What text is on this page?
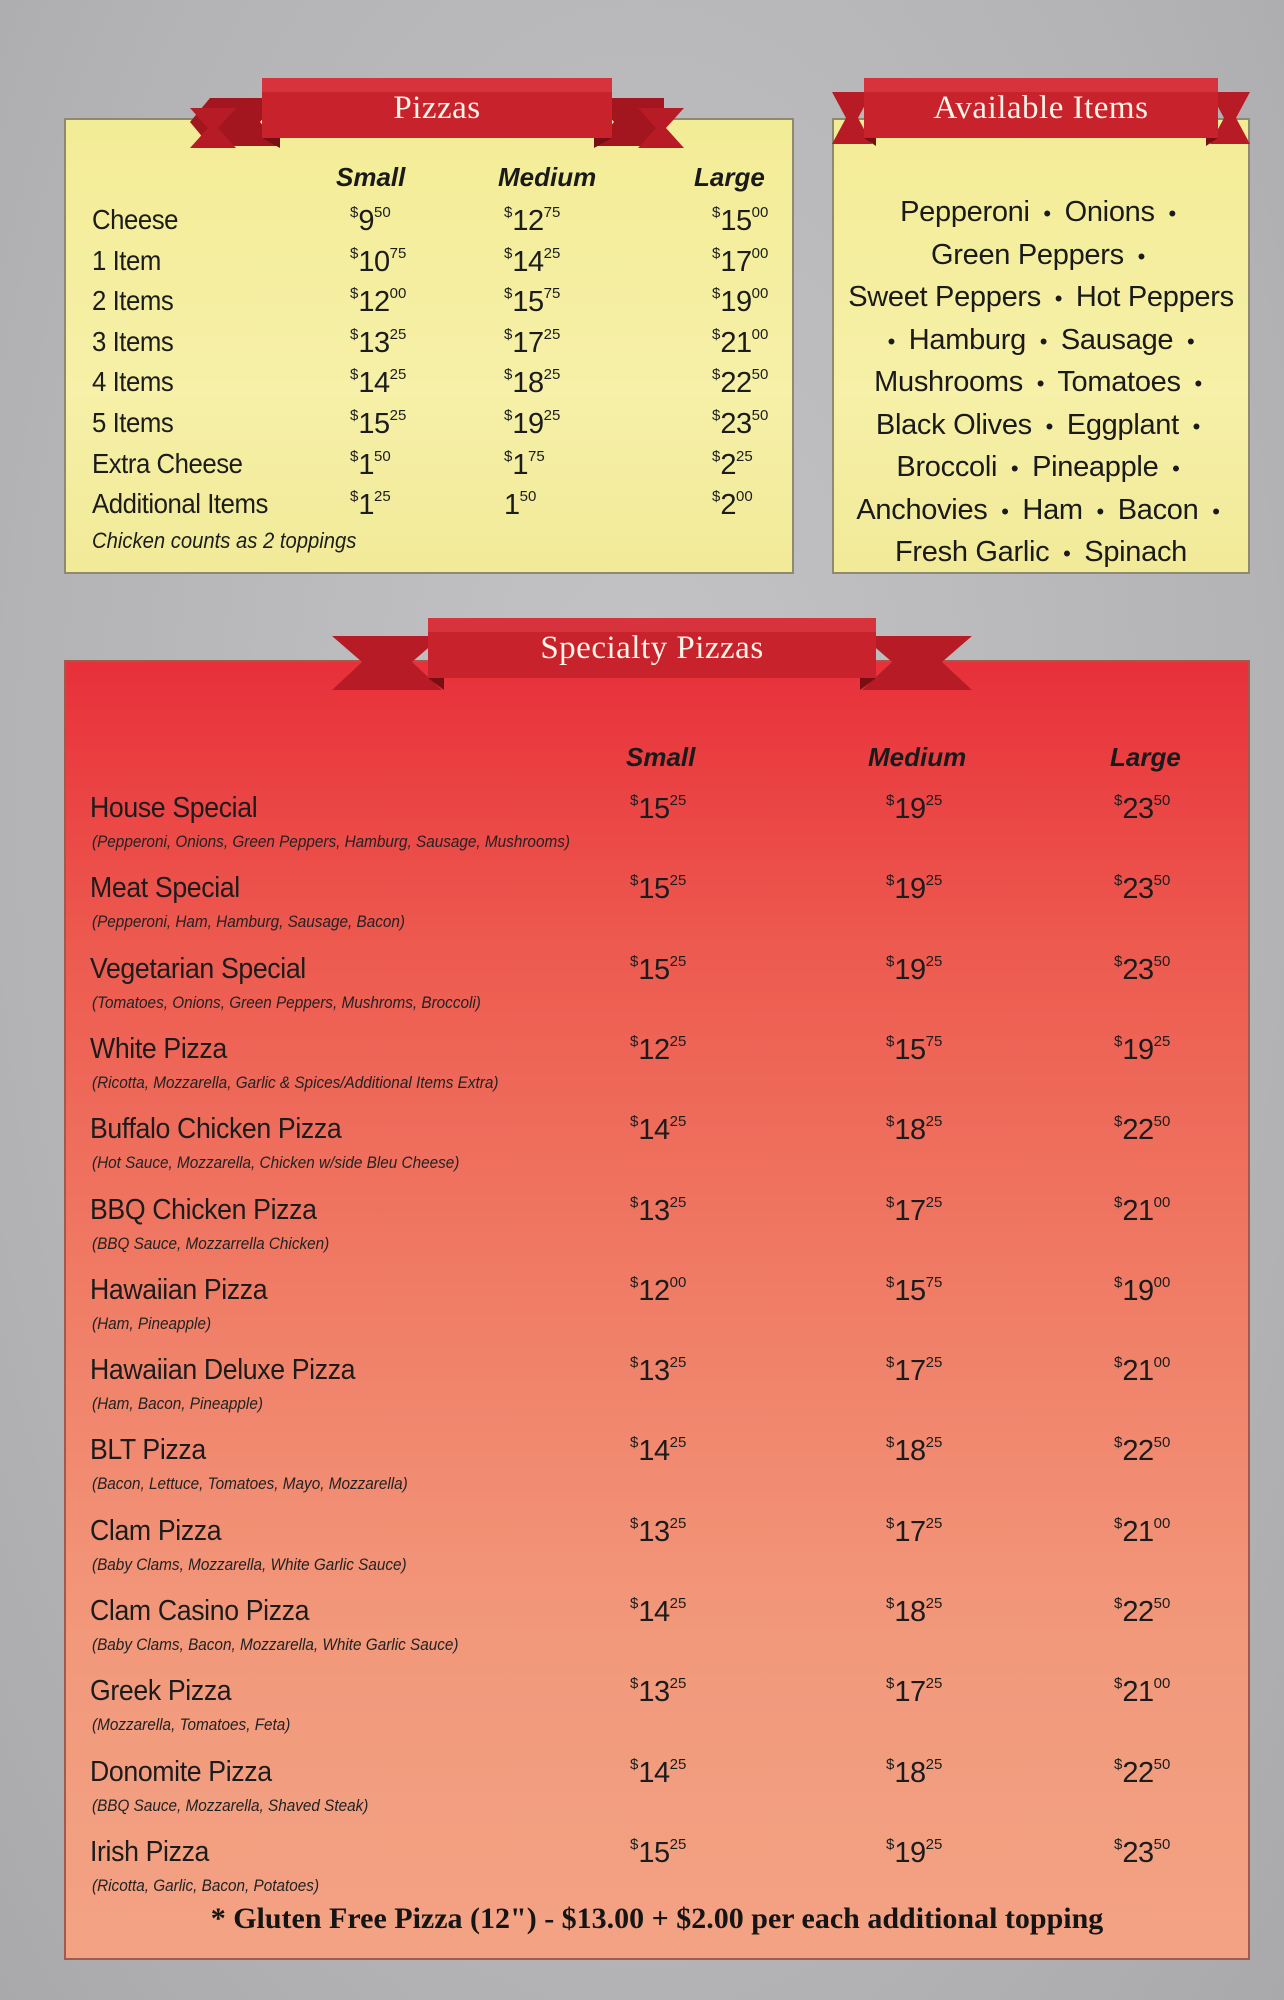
Small	Medium	Large
Cheese	$^{\$}9^{50}$	$^{\$}12^{75}$	$^{\$}15^{00}$
1 Item	$^{\$}10^{75}$	$^{\$}14^{25}$	$^{\$}17^{00}$
2 Items	$^{\$}12^{00}$	$^{\$}15^{75}$	$^{\$}19^{00}$
3 Items	$^{\$}13^{25}$	$^{\$}17^{25}$	$^{\$}21^{00}$
4 Items	$^{\$}14^{25}$	$^{\$}18^{25}$	$^{\$}22^{50}$
5 Items	$^{\$}15^{25}$	$^{\$}19^{25}$	$^{\$}23^{50}$
Extra Cheese	$^{\$}1^{50}$	$^{\$}1^{75}$	$^{\$}2^{25}$
Additional Items	$^{\$}1^{25}$	$1^{50}$	$^{\$}2^{00}$
Chicken counts as 2 toppings
Pepperoni • Onions • Green Peppers • Sweet Peppers • Hot Peppers • Hamburg • Sausage • Mushrooms • Tomatoes • Black Olives • Eggplant • Broccoli • Pineapple • Anchovies • Ham • Bacon • Fresh Garlic • Spinach
Small	Medium	Large
House Special
(Pepperoni, Onions, Green Peppers, Hamburg, Sausage, Mushrooms)
$^{\$}15^{25}$	$^{\$}19^{25}$	$^{\$}23^{50}$
Meat Special
(Pepperoni, Ham, Hamburg, Sausage, Bacon)
$^{\$}15^{25}$	$^{\$}19^{25}$	$^{\$}23^{50}$
Vegetarian Special
(Tomatoes, Onions, Green Peppers, Mushroms, Broccoli)
$^{\$}15^{25}$	$^{\$}19^{25}$	$^{\$}23^{50}$
White Pizza
(Ricotta, Mozzarella, Garlic & Spices/Additional Items Extra)
$^{\$}12^{25}$	$^{\$}15^{75}$	$^{\$}19^{25}$
Buffalo Chicken Pizza
(Hot Sauce, Mozzarella, Chicken w/side Bleu Cheese)
$^{\$}14^{25}$	$^{\$}18^{25}$	$^{\$}22^{50}$
BBQ Chicken Pizza
(BBQ Sauce, Mozzarrella Chicken)
$^{\$}13^{25}$	$^{\$}17^{25}$	$^{\$}21^{00}$
Hawaiian Pizza
(Ham, Pineapple)
$^{\$}12^{00}$	$^{\$}15^{75}$	$^{\$}19^{00}$
Hawaiian Deluxe Pizza
(Ham, Bacon, Pineapple)
$^{\$}13^{25}$	$^{\$}17^{25}$	$^{\$}21^{00}$
BLT Pizza
(Bacon, Lettuce, Tomatoes, Mayo, Mozzarella)
$^{\$}14^{25}$	$^{\$}18^{25}$	$^{\$}22^{50}$
Clam Pizza
(Baby Clams, Mozzarella, White Garlic Sauce)
$^{\$}13^{25}$	$^{\$}17^{25}$	$^{\$}21^{00}$
Clam Casino Pizza
(Baby Clams, Bacon, Mozzarella, White Garlic Sauce)
$^{\$}14^{25}$	$^{\$}18^{25}$	$^{\$}22^{50}$
Greek Pizza
(Mozzarella, Tomatoes, Feta)
$^{\$}13^{25}$	$^{\$}17^{25}$	$^{\$}21^{00}$
Donomite Pizza
(BBQ Sauce, Mozzarella, Shaved Steak)
$^{\$}14^{25}$	$^{\$}18^{25}$	$^{\$}22^{50}$
Irish Pizza
(Ricotta, Garlic, Bacon, Potatoes)
$^{\$}15^{25}$	$^{\$}19^{25}$	$^{\$}23^{50}$
* Gluten Free Pizza (12") - $13.00 + $2.00 per each additional topping
Pizzas	Available Items
Specialty Pizzas
